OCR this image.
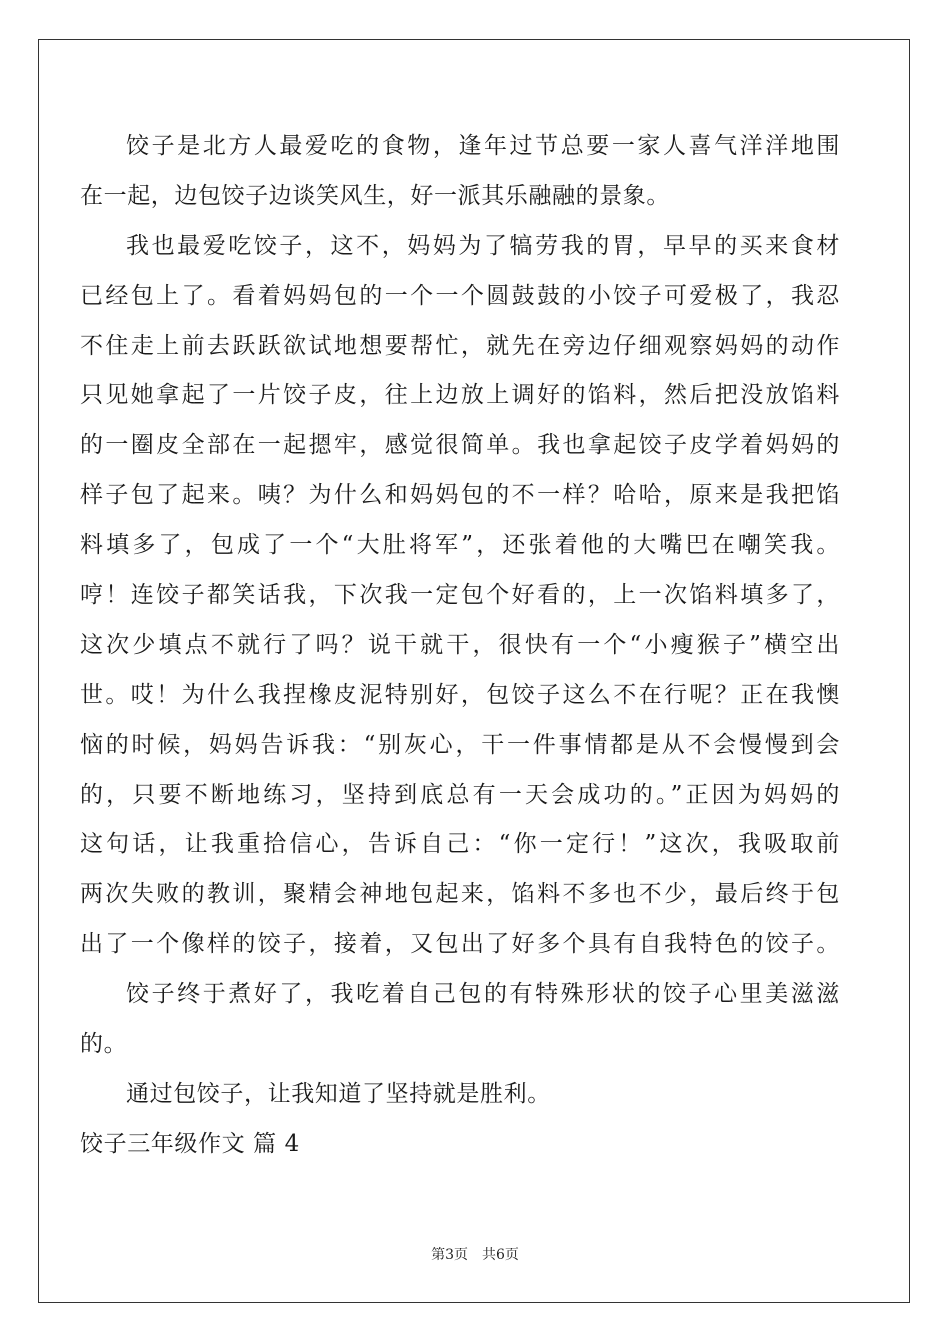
饺子是北方人最爱吃的食物，逢年过节总要一家人喜气洋洋地围
在一起，边包饺子边谈笑风生，好一派其乐融融的景象。
我也最爱吃饺子，这不，妈妈为了犒劳我的胃，早早的买来食材
已经包上了。看着妈妈包的一个一个圆鼓鼓的小饺子可爱极了，我忍
不住走上前去跃跃欲试地想要帮忙，就先在旁边仔细观察妈妈的动作
只见她拿起了一片饺子皮，往上边放上调好的馅料，然后把没放馅料
的一圈皮全部在一起摁牢，感觉很简单。我也拿起饺子皮学着妈妈的
样子包了起来。咦？为什么和妈妈包的不一样？哈哈，原来是我把馅
料填多了，包成了一个“大肚将军”，还张着他的大嘴巴在嘲笑我。
哼！连饺子都笑话我，下次我一定包个好看的，上一次馅料填多了，
这次少填点不就行了吗？说干就干，很快有一个“小瘦猴子”横空出
世。哎！为什么我捏橡皮泥特别好，包饺子这么不在行呢？正在我懊
恼的时候，妈妈告诉我：“别灰心，干一件事情都是从不会慢慢到会
的，只要不断地练习，坚持到底总有一天会成功的。”正因为妈妈的
这句话，让我重拾信心，告诉自己：“你一定行！”这次，我吸取前
两次失败的教训，聚精会神地包起来，馅料不多也不少，最后终于包
出了一个像样的饺子，接着，又包出了好多个具有自我特色的饺子。
饺子终于煮好了，我吃着自己包的有特殊形状的饺子心里美滋滋
的。
通过包饺子，让我知道了坚持就是胜利。
饺子三年级作文 篇 4
第3页 共6页
